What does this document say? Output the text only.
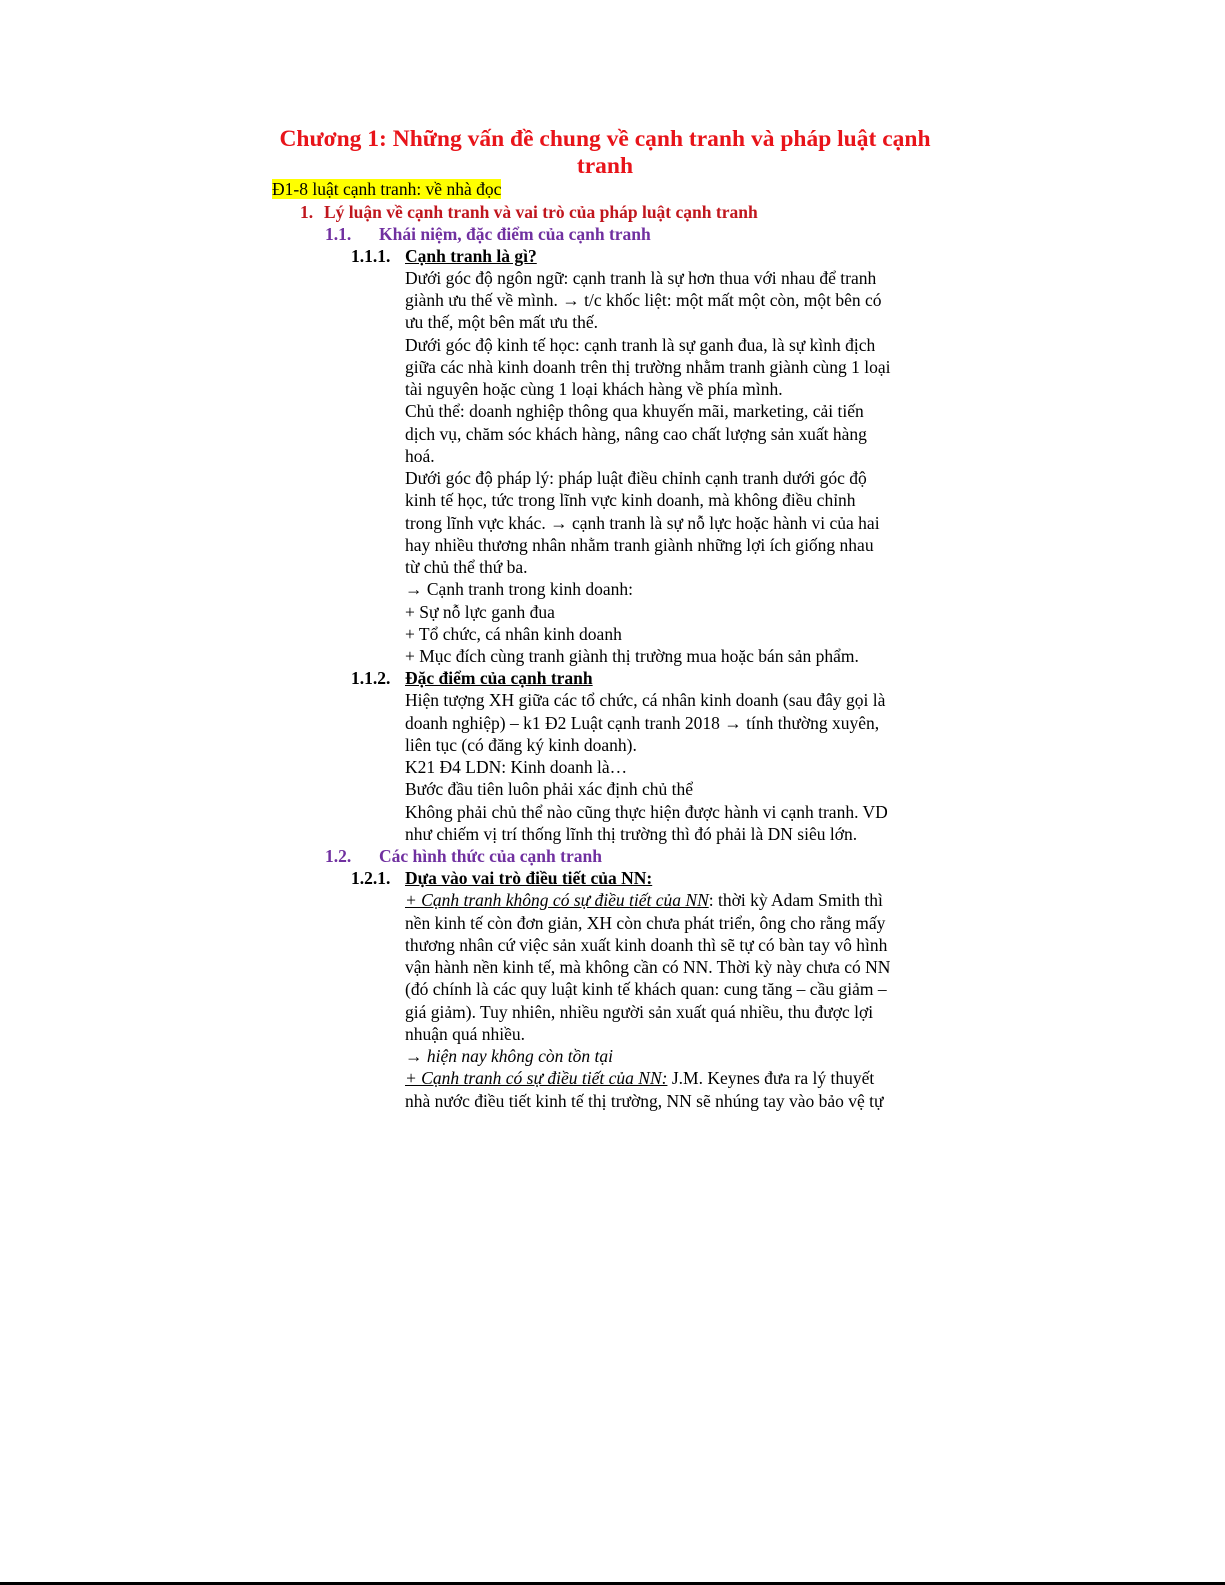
Chương 1: Những vấn đề chung về cạnh tranh và pháp luật cạnh tranh
Đ1-8 luật cạnh tranh: về nhà đọc
1. Lý luận về cạnh tranh và vai trò của pháp luật cạnh tranh
1.1. Khái niệm, đặc điểm của cạnh tranh
1.1.1. Cạnh tranh là gì?
Dưới góc độ ngôn ngữ: cạnh tranh là sự hơn thua với nhau để tranh
giành ưu thế về mình. → t/c khốc liệt: một mất một còn, một bên có
ưu thế, một bên mất ưu thế.
Dưới góc độ kinh tế học: cạnh tranh là sự ganh đua, là sự kình địch
giữa các nhà kinh doanh trên thị trường nhằm tranh giành cùng 1 loại
tài nguyên hoặc cùng 1 loại khách hàng về phía mình.
Chủ thể: doanh nghiệp thông qua khuyến mãi, marketing, cải tiến
dịch vụ, chăm sóc khách hàng, nâng cao chất lượng sản xuất hàng
hoá.
Dưới góc độ pháp lý: pháp luật điều chỉnh cạnh tranh dưới góc độ
kinh tế học, tức trong lĩnh vực kinh doanh, mà không điều chỉnh
trong lĩnh vực khác. → cạnh tranh là sự nỗ lực hoặc hành vi của hai
hay nhiều thương nhân nhằm tranh giành những lợi ích giống nhau
từ chủ thể thứ ba.
→ Cạnh tranh trong kinh doanh:
+ Sự nỗ lực ganh đua
+ Tổ chức, cá nhân kinh doanh
+ Mục đích cùng tranh giành thị trường mua hoặc bán sản phẩm.
1.1.2. Đặc điểm của cạnh tranh
Hiện tượng XH giữa các tổ chức, cá nhân kinh doanh (sau đây gọi là
doanh nghiệp) – k1 Đ2 Luật cạnh tranh 2018 → tính thường xuyên,
liên tục (có đăng ký kinh doanh).
K21 Đ4 LDN: Kinh doanh là…
Bước đầu tiên luôn phải xác định chủ thể
Không phải chủ thể nào cũng thực hiện được hành vi cạnh tranh. VD
như chiếm vị trí thống lĩnh thị trường thì đó phải là DN siêu lớn.
1.2. Các hình thức của cạnh tranh
1.2.1. Dựa vào vai trò điều tiết của NN:
+ Cạnh tranh không có sự điều tiết của NN: thời kỳ Adam Smith thì
nền kinh tế còn đơn giản, XH còn chưa phát triển, ông cho rằng mấy
thương nhân cứ việc sản xuất kinh doanh thì sẽ tự có bàn tay vô hình
vận hành nền kinh tế, mà không cần có NN. Thời kỳ này chưa có NN
(đó chính là các quy luật kinh tế khách quan: cung tăng – cầu giảm –
giá giảm). Tuy nhiên, nhiều người sản xuất quá nhiều, thu được lợi
nhuận quá nhiều.
→ hiện nay không còn tồn tại
+ Cạnh tranh có sự điều tiết của NN: J.M. Keynes đưa ra lý thuyết
nhà nước điều tiết kinh tế thị trường, NN sẽ nhúng tay vào bảo vệ tự
